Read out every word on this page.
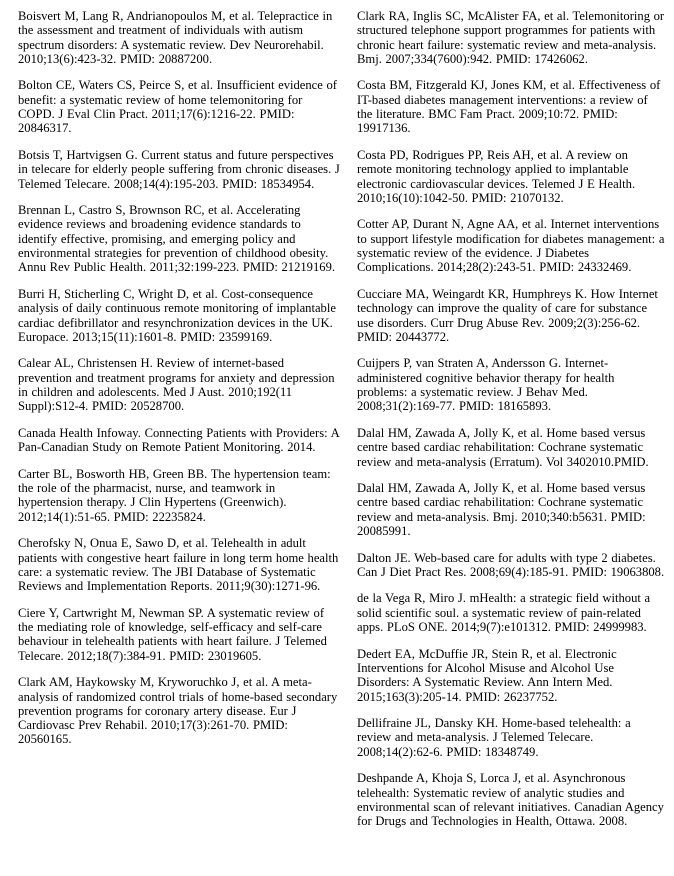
Boisvert M, Lang R, Andrianopoulos M, et al. Telepractice in the assessment and treatment of individuals with autism spectrum disorders: A systematic review. Dev Neurorehabil. 2010;13(6):423-32. PMID: 20887200.

Bolton CE, Waters CS, Peirce S, et al. Insufficient evidence of benefit: a systematic review of home telemonitoring for COPD. J Eval Clin Pract. 2011;17(6):1216-22. PMID: 20846317.

Botsis T, Hartvigsen G. Current status and future perspectives in telecare for elderly people suffering from chronic diseases. J Telemed Telecare. 2008;14(4):195-203. PMID: 18534954.

Brennan L, Castro S, Brownson RC, et al. Accelerating evidence reviews and broadening evidence standards to identify effective, promising, and emerging policy and environmental strategies for prevention of childhood obesity. Annu Rev Public Health. 2011;32:199-223. PMID: 21219169.

Burri H, Sticherling C, Wright D, et al. Cost-consequence analysis of daily continuous remote monitoring of implantable cardiac defibrillator and resynchronization devices in the UK. Europace. 2013;15(11):1601-8. PMID: 23599169.

Calear AL, Christensen H. Review of internet-based prevention and treatment programs for anxiety and depression in children and adolescents. Med J Aust. 2010;192(11 Suppl):S12-4. PMID: 20528700.

Canada Health Infoway. Connecting Patients with Providers: A Pan-Canadian Study on Remote Patient Monitoring. 2014.

Carter BL, Bosworth HB, Green BB. The hypertension team: the role of the pharmacist, nurse, and teamwork in hypertension therapy. J Clin Hypertens (Greenwich). 2012;14(1):51-65. PMID: 22235824.

Cherofsky N, Onua E, Sawo D, et al. Telehealth in adult patients with congestive heart failure in long term home health care: a systematic review. The JBI Database of Systematic Reviews and Implementation Reports. 2011;9(30):1271-96.

Ciere Y, Cartwright M, Newman SP. A systematic review of the mediating role of knowledge, self-efficacy and self-care behaviour in telehealth patients with heart failure. J Telemed Telecare. 2012;18(7):384-91. PMID: 23019605.

Clark AM, Haykowsky M, Kryworuchko J, et al. A meta-analysis of randomized control trials of home-based secondary prevention programs for coronary artery disease. Eur J Cardiovasc Prev Rehabil. 2010;17(3):261-70. PMID: 20560165.

Clark RA, Inglis SC, McAlister FA, et al. Telemonitoring or structured telephone support programmes for patients with chronic heart failure: systematic review and meta-analysis. Bmj. 2007;334(7600):942. PMID: 17426062.

Costa BM, Fitzgerald KJ, Jones KM, et al. Effectiveness of IT-based diabetes management interventions: a review of the literature. BMC Fam Pract. 2009;10:72. PMID: 19917136.

Costa PD, Rodrigues PP, Reis AH, et al. A review on remote monitoring technology applied to implantable electronic cardiovascular devices. Telemed J E Health. 2010;16(10):1042-50. PMID: 21070132.

Cotter AP, Durant N, Agne AA, et al. Internet interventions to support lifestyle modification for diabetes management: a systematic review of the evidence. J Diabetes Complications. 2014;28(2):243-51. PMID: 24332469.

Cucciare MA, Weingardt KR, Humphreys K. How Internet technology can improve the quality of care for substance use disorders. Curr Drug Abuse Rev. 2009;2(3):256-62. PMID: 20443772.

Cuijpers P, van Straten A, Andersson G. Internet-administered cognitive behavior therapy for health problems: a systematic review. J Behav Med. 2008;31(2):169-77. PMID: 18165893.

Dalal HM, Zawada A, Jolly K, et al. Home based versus centre based cardiac rehabilitation: Cochrane systematic review and meta-analysis (Erratum). Vol 3402010.PMID.

Dalal HM, Zawada A, Jolly K, et al. Home based versus centre based cardiac rehabilitation: Cochrane systematic review and meta-analysis. Bmj. 2010;340:b5631. PMID: 20085991.

Dalton JE. Web-based care for adults with type 2 diabetes. Can J Diet Pract Res. 2008;69(4):185-91. PMID: 19063808.

de la Vega R, Miro J. mHealth: a strategic field without a solid scientific soul. a systematic review of pain-related apps. PLoS ONE. 2014;9(7):e101312. PMID: 24999983.

Dedert EA, McDuffie JR, Stein R, et al. Electronic Interventions for Alcohol Misuse and Alcohol Use Disorders: A Systematic Review. Ann Intern Med. 2015;163(3):205-14. PMID: 26237752.

Dellifraine JL, Dansky KH. Home-based telehealth: a review and meta-analysis. J Telemed Telecare. 2008;14(2):62-6. PMID: 18348749.

Deshpande A, Khoja S, Lorca J, et al. Asynchronous telehealth: Systematic review of analytic studies and environmental scan of relevant initiatives. Canadian Agency for Drugs and Technologies in Health, Ottawa. 2008.
